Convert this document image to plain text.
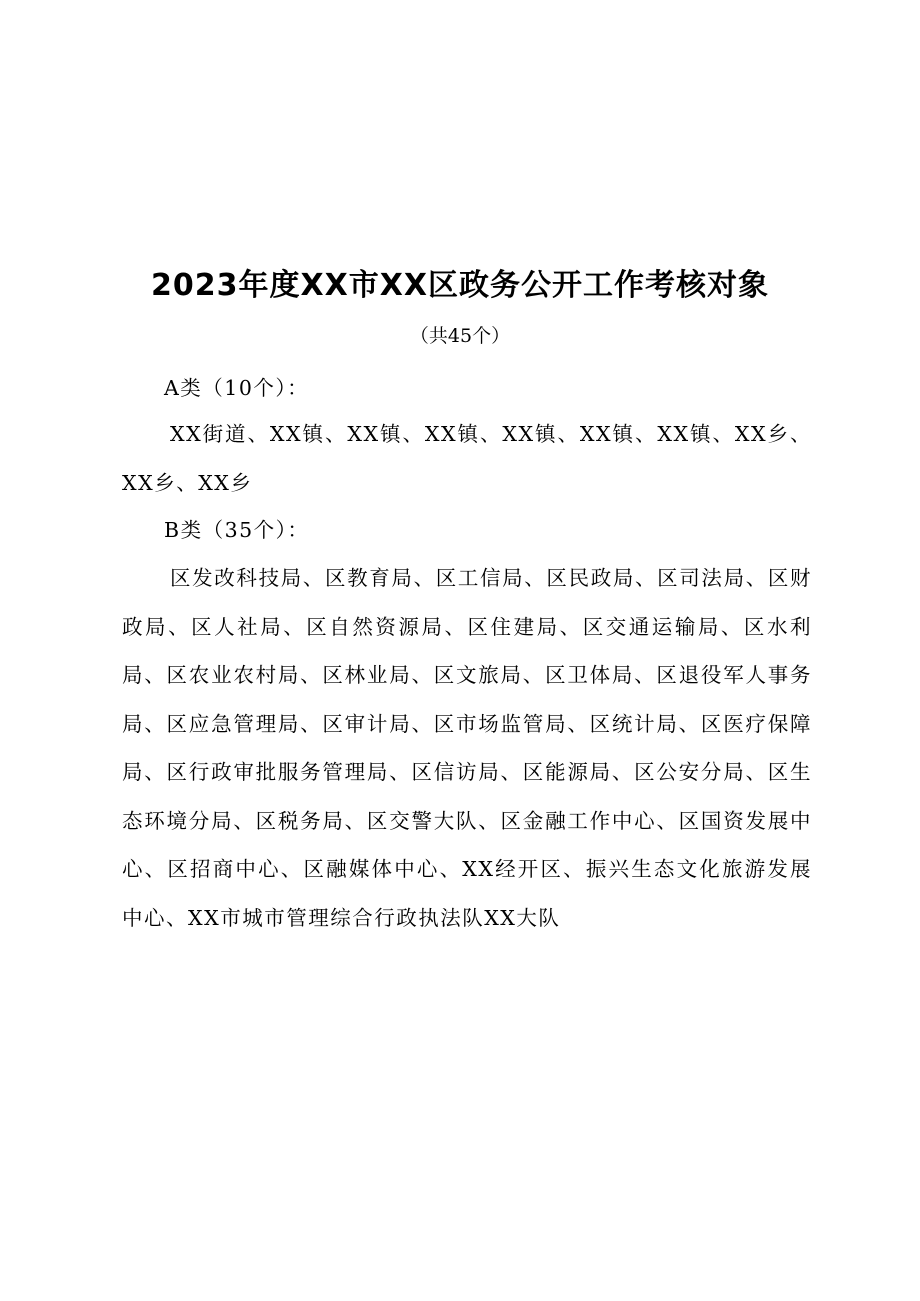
2023年度XX市XX区政务公开工作考核对象

（共45个）

A类（10个）：

XX街道、XX镇、XX镇、XX镇、XX镇、XX镇、XX镇、XX乡、XX乡、XX乡

B类（35个）：

区发改科技局、区教育局、区工信局、区民政局、区司法局、区财政局、区人社局、区自然资源局、区住建局、区交通运输局、区水利局、区农业农村局、区林业局、区文旅局、区卫体局、区退役军人事务局、区应急管理局、区审计局、区市场监管局、区统计局、区医疗保障局、区行政审批服务管理局、区信访局、区能源局、区公安分局、区生态环境分局、区税务局、区交警大队、区金融工作中心、区国资发展中心、区招商中心、区融媒体中心、XX经开区、振兴生态文化旅游发展中心、XX市城市管理综合行政执法队XX大队
